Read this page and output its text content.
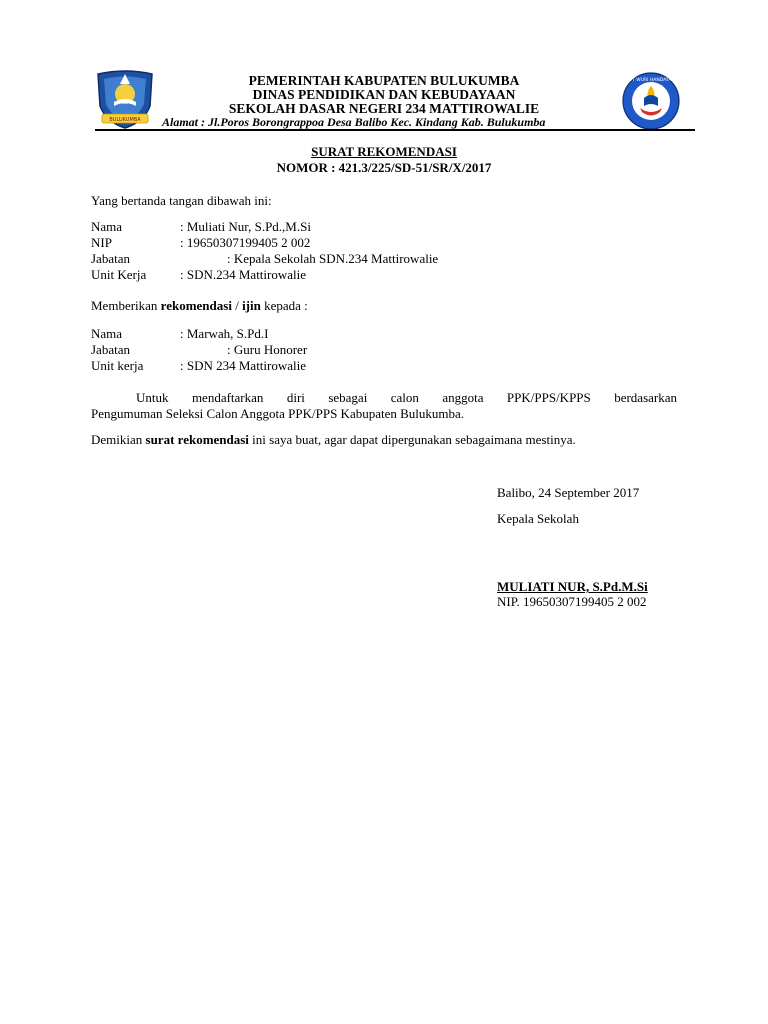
BULUKUMBA
TUT WURI HANDAYANI
PEMERINTAH KABUPATEN BULUKUMBA
DINAS PENDIDIKAN DAN KEBUDAYAAN
SEKOLAH DASAR NEGERI 234 MATTIROWALIE
Alamat : Jl.Poros Borongrappoa Desa Balibo Kec. Kindang Kab. Bulukumba
SURAT REKOMENDASI
NOMOR : 421.3/225/SD-51/SR/X/2017
Yang bertanda tangan dibawah ini:
Nama	: Muliati Nur, S.Pd.,M.Si
NIP	: 19650307199405 2 002
Jabatan	: Kepala Sekolah SDN.234 Mattirowalie
Unit Kerja	: SDN.234 Mattirowalie
Memberikan rekomendasi / ijin kepada :
Nama	: Marwah, S.Pd.I
Jabatan	: Guru Honorer
Unit kerja	: SDN 234 Mattirowalie
Untuk mendaftarkan diri sebagai calon anggota PPK/PPS/KPPS berdasarkan
Pengumuman Seleksi Calon Anggota PPK/PPS Kabupaten Bulukumba.
Demikian surat rekomendasi ini saya buat, agar dapat dipergunakan sebagaimana mestinya.
Balibo, 24 September 2017
Kepala Sekolah
MULIATI NUR, S.Pd.M.Si
NIP. 19650307199405 2 002
